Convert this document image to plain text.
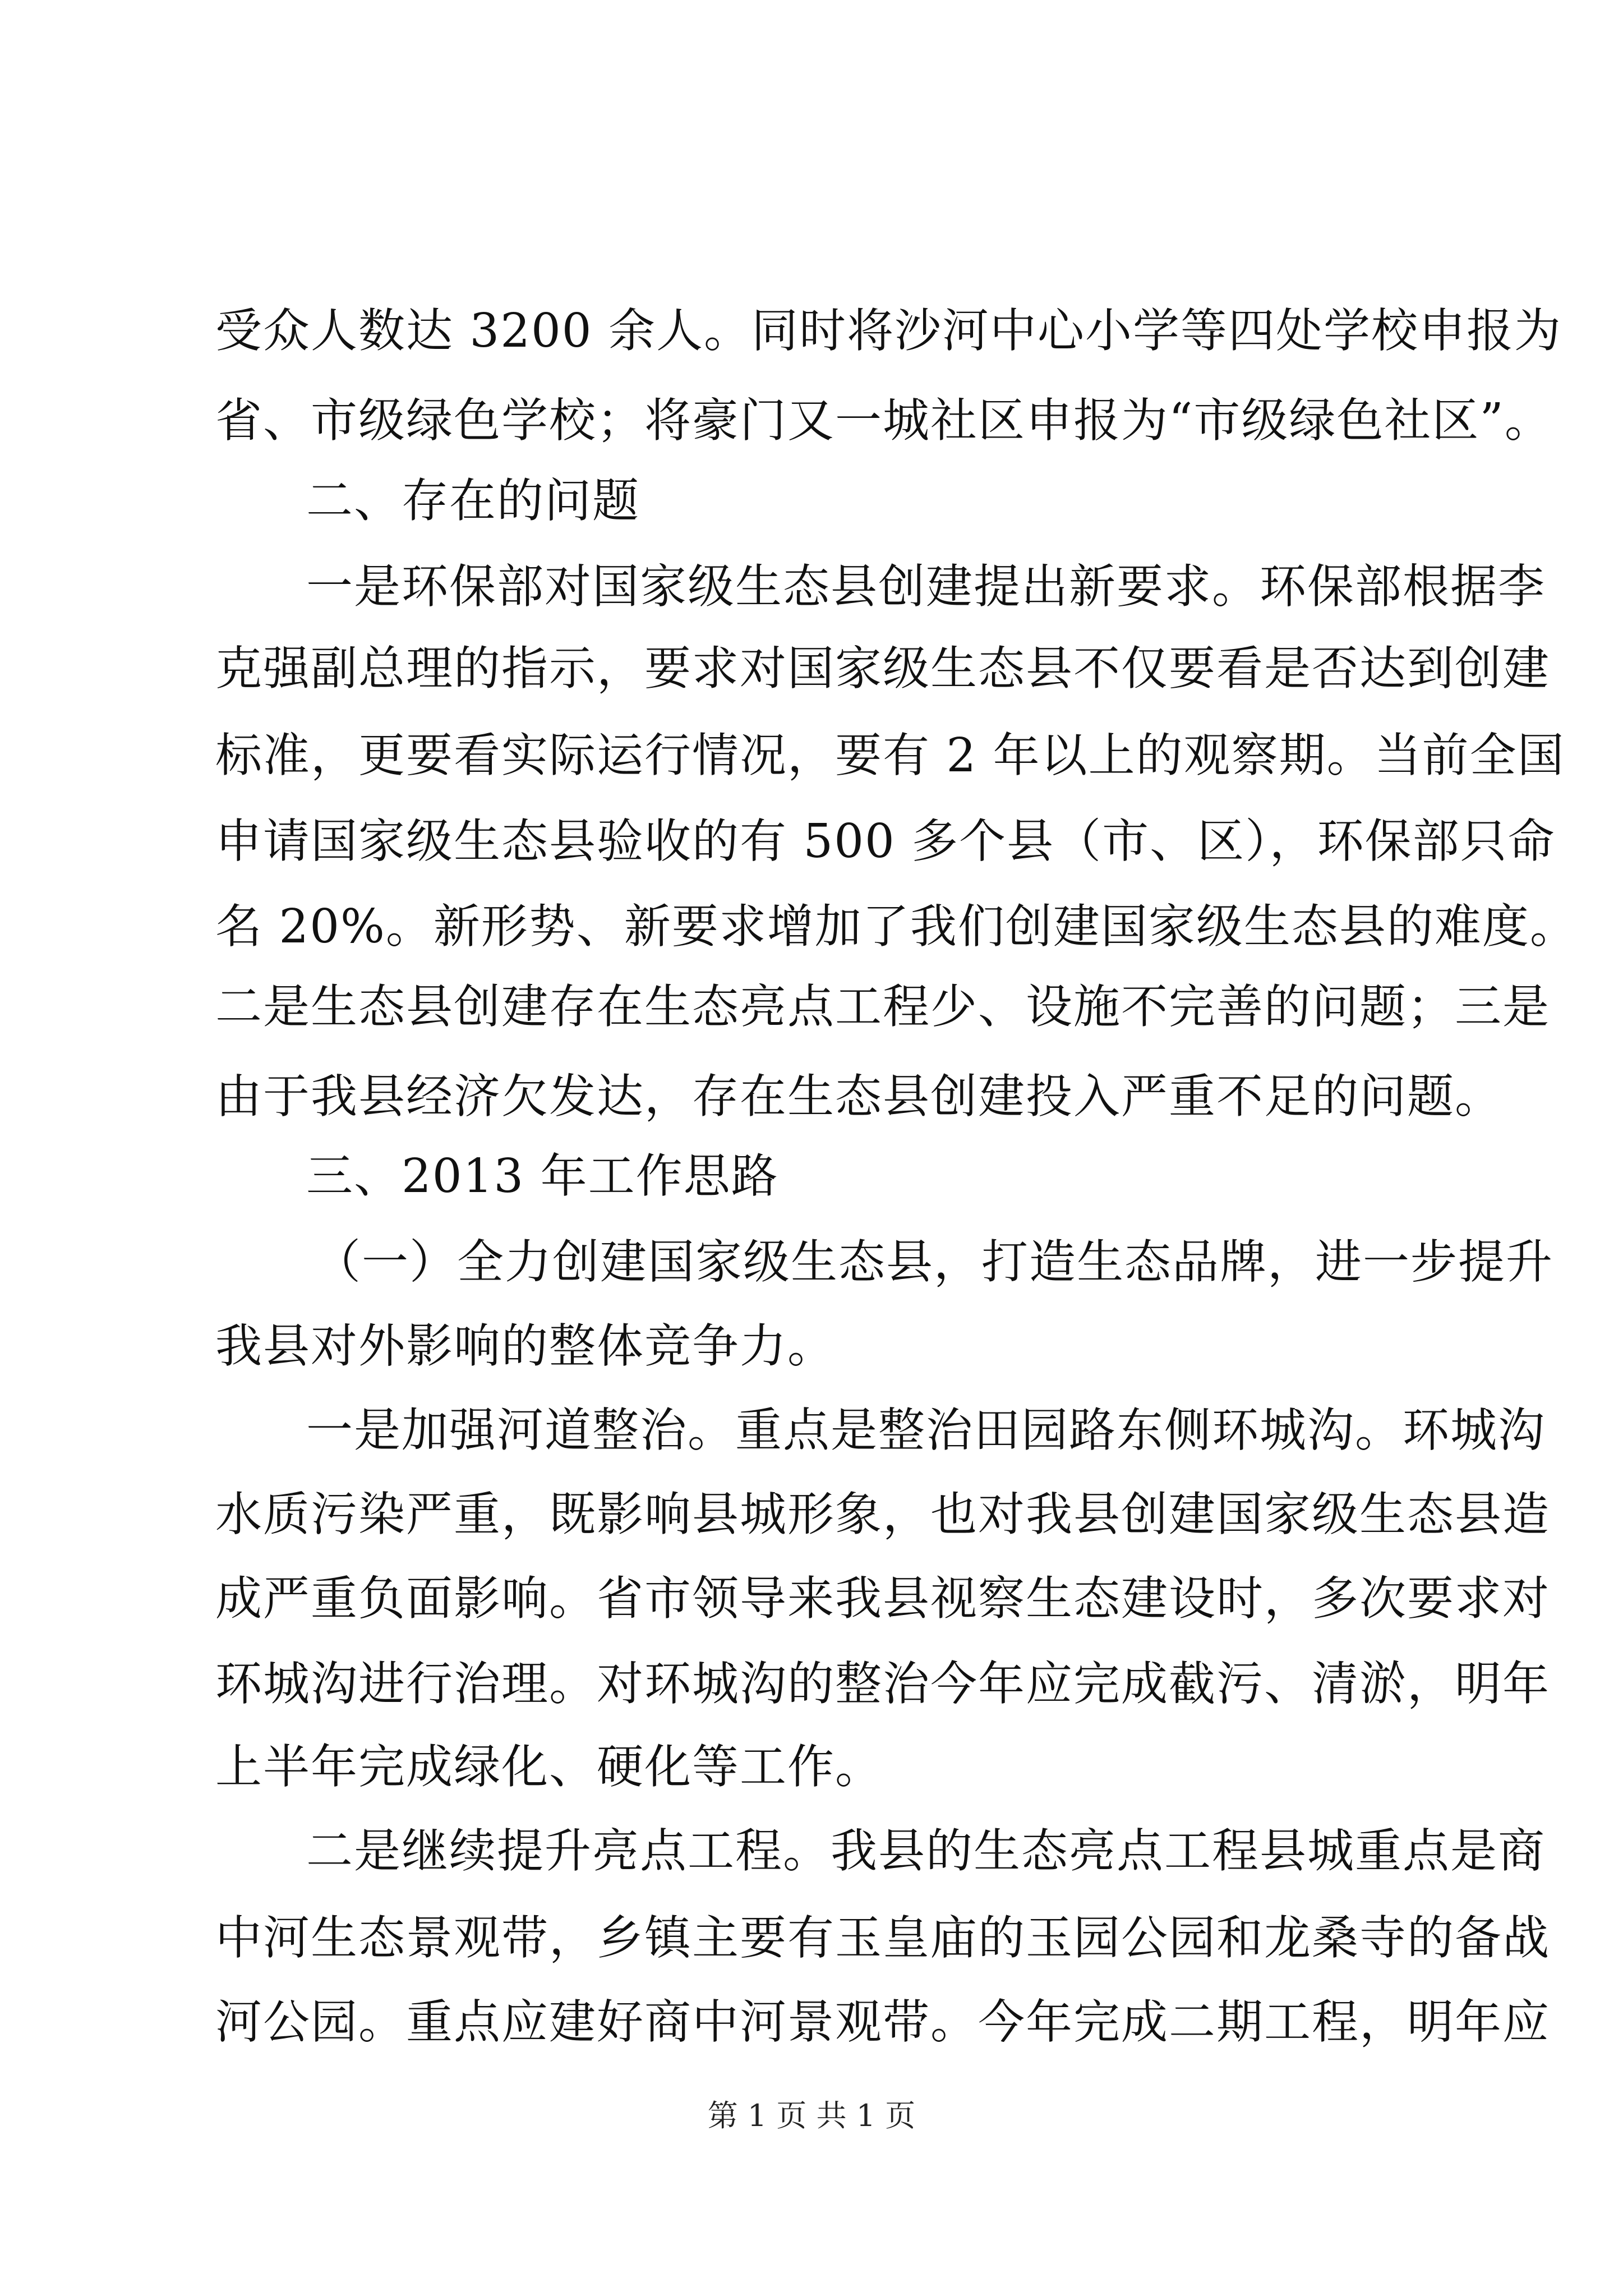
受众人数达 3200 余人。同时将沙河中心小学等四处学校申报为
省、市级绿色学校；将豪门又一城社区申报为“市级绿色社区”。
二、存在的问题
一是环保部对国家级生态县创建提出新要求。环保部根据李
克强副总理的指示，要求对国家级生态县不仅要看是否达到创建
标准，更要看实际运行情况，要有 2 年以上的观察期。当前全国
申请国家级生态县验收的有 500 多个县（市、区），环保部只命
名 20%。新形势、新要求增加了我们创建国家级生态县的难度。
二是生态县创建存在生态亮点工程少、设施不完善的问题；三是
由于我县经济欠发达，存在生态县创建投入严重不足的问题。
三、2013 年工作思路
（一）全力创建国家级生态县，打造生态品牌，进一步提升
我县对外影响的整体竞争力。
一是加强河道整治。重点是整治田园路东侧环城沟。环城沟
水质污染严重，既影响县城形象，也对我县创建国家级生态县造
成严重负面影响。省市领导来我县视察生态建设时，多次要求对
环城沟进行治理。对环城沟的整治今年应完成截污、清淤，明年
上半年完成绿化、硬化等工作。
二是继续提升亮点工程。我县的生态亮点工程县城重点是商
中河生态景观带，乡镇主要有玉皇庙的玉园公园和龙桑寺的备战
河公园。重点应建好商中河景观带。今年完成二期工程，明年应
第 1 页 共 1 页
